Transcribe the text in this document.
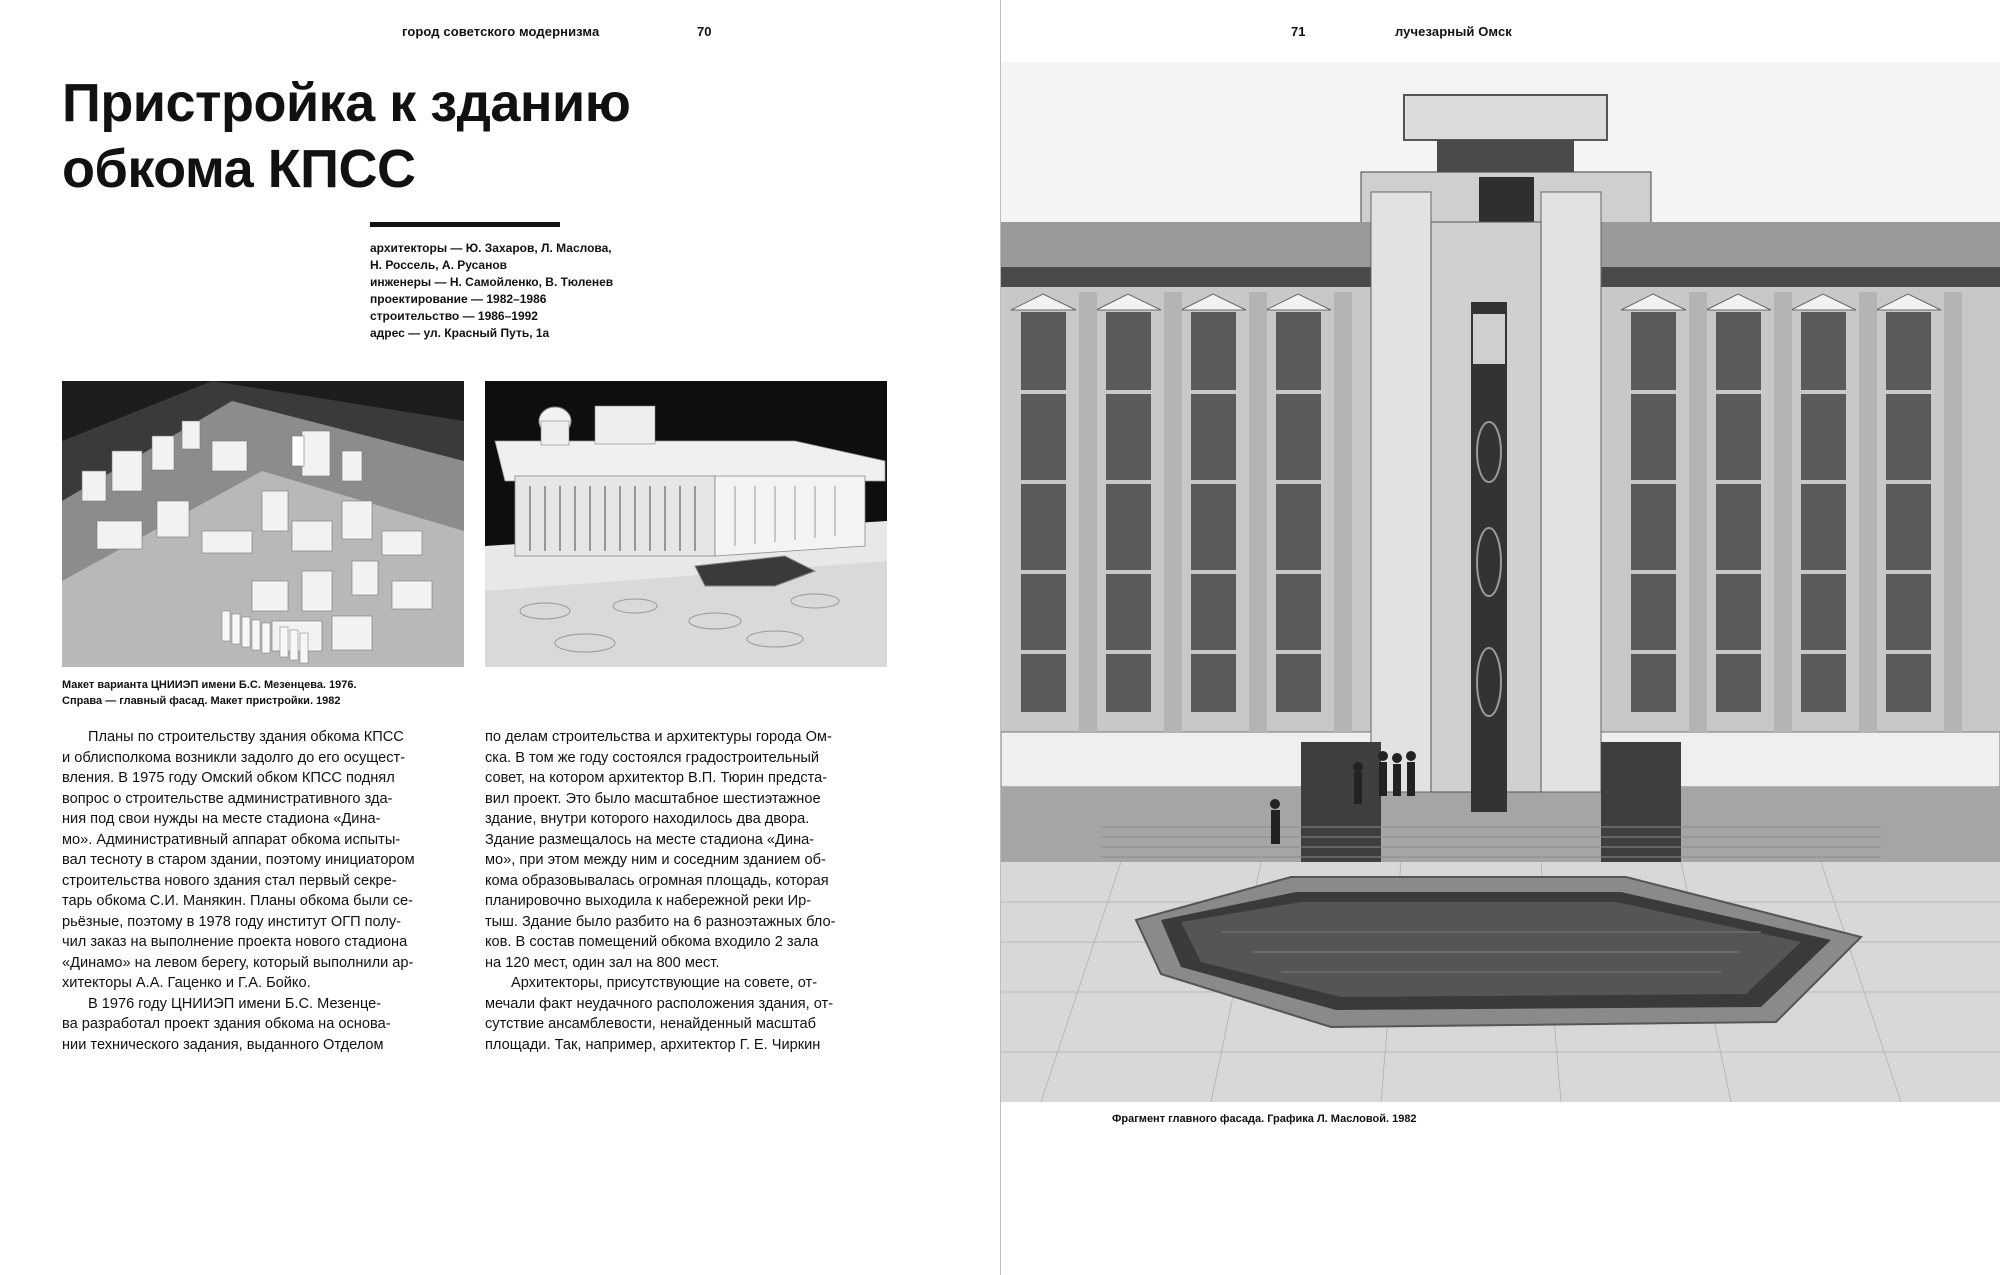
город советского модернизма	70
Пристройка к зданию
обкома КПСС
архитекторы — Ю. Захаров, Л. Маслова,
Н. Россель, А. Русанов
инженеры — Н. Самойленко, В. Тюленев
проектирование — 1982–1986
строительство — 1986–1992
адрес — ул. Красный Путь, 1а
Макет варианта ЦНИИЭП имени Б.С. Мезенцева. 1976.
Справа — главный фасад. Макет пристройки. 1982
Планы по строительству здания обкома КПСС
и облисполкома возникли задолго до его осущест-
вления. В 1975 году Омский обком КПСС поднял
вопрос о строительстве административного зда-
ния под свои нужды на месте стадиона «Дина-
мо». Административный аппарат обкома испыты-
вал тесноту в старом здании, поэтому инициатором
строительства нового здания стал первый секре-
тарь обкома С.И. Манякин. Планы обкома были се-
рьёзные, поэтому в 1978 году институт ОГП полу-
чил заказ на выполнение проекта нового стадиона
«Динамо» на левом берегу, который выполнили ар-
хитекторы А.А. Гаценко и Г.А. Бойко.
В 1976 году ЦНИИЭП имени Б.С. Мезенце-
ва разработал проект здания обкома на основа-
нии технического задания, выданного Отделом
по делам строительства и архитектуры города Ом-
ска. В том же году состоялся градостроительный
совет, на котором архитектор В.П. Тюрин предста-
вил проект. Это было масштабное шестиэтажное
здание, внутри которого находилось два двора.
Здание размещалось на месте стадиона «Дина-
мо», при этом между ним и соседним зданием об-
кома образовывалась огромная площадь, которая
планировочно выходила к набережной реки Ир-
тыш. Здание было разбито на 6 разноэтажных бло-
ков. В состав помещений обкома входило 2 зала
на 120 мест, один зал на 800 мест.
Архитекторы, присутствующие на совете, от-
мечали факт неудачного расположения здания, от-
сутствие ансамблевости, ненайденный масштаб
площади. Так, например, архитектор Г. Е. Чиркин
71	лучезарный Омск
Фрагмент главного фасада. Графика Л. Масловой. 1982
